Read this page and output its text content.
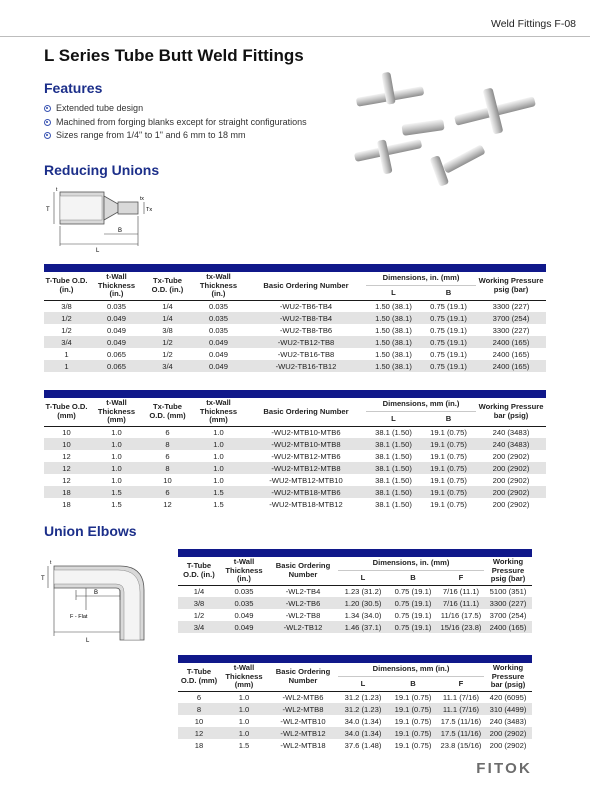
Weld Fittings F-08
L Series Tube Butt Weld Fittings
Features
Extended tube design
Machined from forging blanks except for straight configurations
Sizes range from 1/4" to 1" and 6 mm to 18 mm
Reducing Unions
T
t
Tx
tx
B
L

T-Tube O.D. (in.)	t-Wall Thickness (in.)	Tx-Tube O.D. (in.)	tx-Wall Thickness (in.)	Basic Ordering Number	Dimensions, in. (mm)		Working Pressure psig (bar)
					L	B	
3/8	0.035	1/4	0.035	-WU2-TB6-TB4	1.50 (38.1)	0.75 (19.1)	3300 (227)
1/2	0.049	1/4	0.035	-WU2-TB8-TB4	1.50 (38.1)	0.75 (19.1)	3700 (254)
1/2	0.049	3/8	0.035	-WU2-TB8-TB6	1.50 (38.1)	0.75 (19.1)	3300 (227)
3/4	0.049	1/2	0.049	-WU2-TB12-TB8	1.50 (38.1)	0.75 (19.1)	2400 (165)
1	0.065	1/2	0.049	-WU2-TB16-TB8	1.50 (38.1)	0.75 (19.1)	2400 (165)
1	0.065	3/4	0.049	-WU2-TB16-TB12	1.50 (38.1)	0.75 (19.1)	2400 (165)

T-Tube O.D. (mm)	t-Wall Thickness (mm)	Tx-Tube O.D. (mm)	tx-Wall Thickness (mm)	Basic Ordering Number	Dimensions, mm (in.)		Working Pressure bar (psig)
					L	B	
10	1.0	6	1.0	-WU2-MTB10-MTB6	38.1 (1.50)	19.1 (0.75)	240 (3483)
10	1.0	8	1.0	-WU2-MTB10-MTB8	38.1 (1.50)	19.1 (0.75)	240 (3483)
12	1.0	6	1.0	-WU2-MTB12-MTB6	38.1 (1.50)	19.1 (0.75)	200 (2902)
12	1.0	8	1.0	-WU2-MTB12-MTB8	38.1 (1.50)	19.1 (0.75)	200 (2902)
12	1.0	10	1.0	-WU2-MTB12-MTB10	38.1 (1.50)	19.1 (0.75)	200 (2902)
18	1.5	6	1.5	-WU2-MTB18-MTB6	38.1 (1.50)	19.1 (0.75)	200 (2902)
18	1.5	12	1.5	-WU2-MTB18-MTB12	38.1 (1.50)	19.1 (0.75)	200 (2902)
Union Elbows
T
t
B
F - Flat
L

T-Tube O.D. (in.)	t-Wall Thickness (in.)	Basic Ordering Number	Dimensions, in. (mm)			Working Pressure psig (bar)
			L	B	F	
1/4	0.035	-WL2-TB4	1.23 (31.2)	0.75 (19.1)	7/16 (11.1)	5100 (351)
3/8	0.035	-WL2-TB6	1.20 (30.5)	0.75 (19.1)	7/16 (11.1)	3300 (227)
1/2	0.049	-WL2-TB8	1.34 (34.0)	0.75 (19.1)	11/16 (17.5)	3700 (254)
3/4	0.049	-WL2-TB12	1.46 (37.1)	0.75 (19.1)	15/16 (23.8)	2400 (165)

T-Tube O.D. (mm)	t-Wall Thickness (mm)	Basic Ordering Number	Dimensions, mm (in.)			Working Pressure bar (psig)
			L	B	F	
6	1.0	-WL2-MTB6	31.2 (1.23)	19.1 (0.75)	11.1 (7/16)	420 (6095)
8	1.0	-WL2-MTB8	31.2 (1.23)	19.1 (0.75)	11.1 (7/16)	310 (4499)
10	1.0	-WL2-MTB10	34.0 (1.34)	19.1 (0.75)	17.5 (11/16)	240 (3483)
12	1.0	-WL2-MTB12	34.0 (1.34)	19.1 (0.75)	17.5 (11/16)	200 (2902)
18	1.5	-WL2-MTB18	37.6 (1.48)	19.1 (0.75)	23.8 (15/16)	200 (2902)
FITOK
